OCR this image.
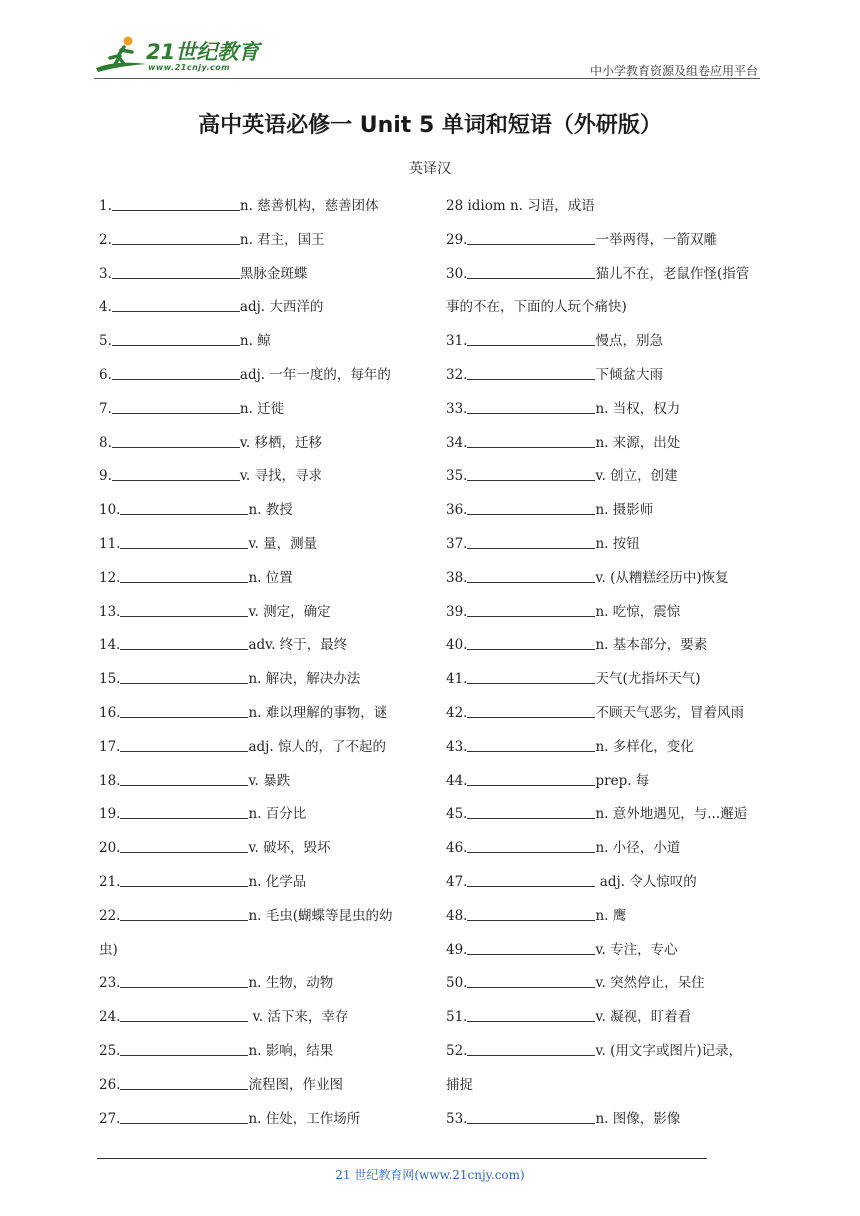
21世纪教育
www.21cnjy.com	中小学教育资源及组卷应用平台
高中英语必修一 Unit 5 单词和短语（外研版）
英译汉
1.	n. 慈善机构，慈善团体
2.	n. 君主，国王
3.	黑脉金斑蝶
4.	adj. 大西洋的
5.	n. 鲸
6.	adj. 一年一度的，每年的
7.	n. 迁徙
8.	v. 移栖，迁移
9.	v. 寻找，寻求
10.	n. 教授
11.	v. 量，测量
12.	n. 位置
13.	v. 测定，确定
14.	adv. 终于，最终
15.	n. 解决，解决办法
16.	n. 难以理解的事物，谜
17.	adj. 惊人的，了不起的
18.	v. 暴跌
19.	n. 百分比
20.	v. 破坏，毁坏
21.	n. 化学品
22.	n. 毛虫(蝴蝶等昆虫的幼
虫)
23.	n. 生物，动物
24.	v. 活下来，幸存
25.	n. 影响，结果
26.	流程图，作业图
27.	n. 住处，工作场所
28 idiom n. 习语，成语
29.	一举两得，一箭双雕
30.	猫儿不在，老鼠作怪(指管
事的不在，下面的人玩个痛快)
31.	慢点，别急
32.	下倾盆大雨
33.	n. 当权，权力
34.	n. 来源，出处
35.	v. 创立，创建
36.	n. 摄影师
37.	n. 按钮
38.	v. (从糟糕经历中)恢复
39.	n. 吃惊，震惊
40.	n. 基本部分，要素
41.	天气(尤指坏天气)
42.	不顾天气恶劣，冒着风雨
43.	n. 多样化，变化
44.	prep. 每
45.	n. 意外地遇见，与...邂逅
46.	n. 小径，小道
47.	adj. 令人惊叹的
48.	n. 鹰
49.	v. 专注，专心
50.	v. 突然停止，呆住
51.	v. 凝视，盯着看
52.	v. (用文字或图片)记录，
捕捉
53.	n. 图像，影像
21 世纪教育网(www.21cnjy.com)
